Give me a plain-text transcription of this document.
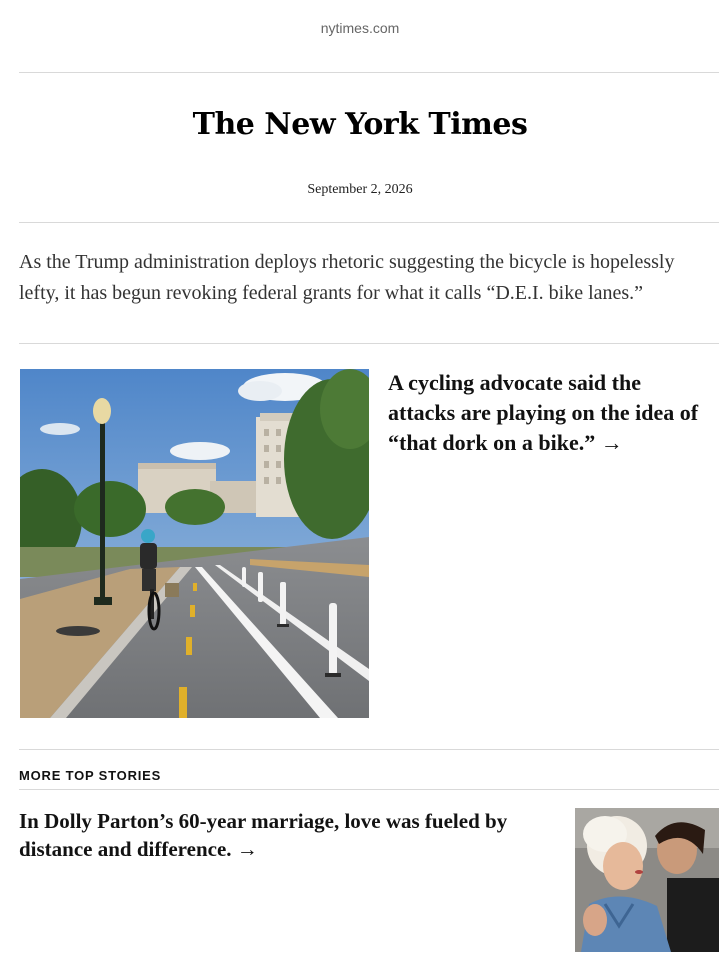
nytimes.com
The New York Times
September 2, 2026
As the Trump administration deploys rhetoric suggesting the bicycle is hopelessly lefty, it has begun revoking federal grants for what it calls “D.E.I. bike lanes.”
A cycling advocate said the attacks are playing on the idea of “that dork on a bike.” →
MORE TOP STORIES
In Dolly Parton’s 60-year marriage, love was fueled by distance and difference. →
